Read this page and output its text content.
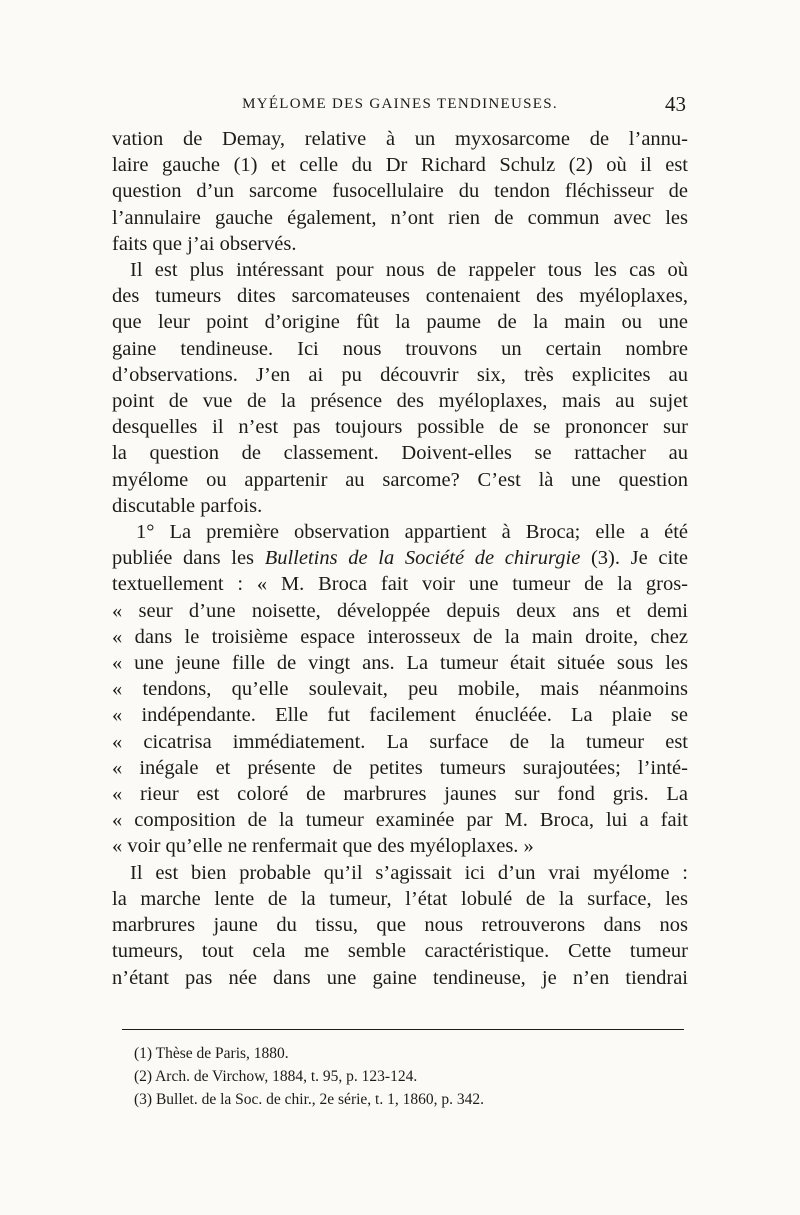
MYÉLOME DES GAINES TENDINEUSES.	43
vation de Demay, relative à un myxosarcome de l’annu-
laire gauche (1) et celle du Dr Richard Schulz (2) où il est
question d’un sarcome fusocellulaire du tendon fléchisseur de
l’annulaire gauche également, n’ont rien de commun avec les
faits que j’ai observés.
Il est plus intéressant pour nous de rappeler tous les cas où
des tumeurs dites sarcomateuses contenaient des myéloplaxes,
que leur point d’origine fût la paume de la main ou une
gaine tendineuse. Ici nous trouvons un certain nombre
d’observations. J’en ai pu découvrir six, très explicites au
point de vue de la présence des myéloplaxes, mais au sujet
desquelles il n’est pas toujours possible de se prononcer sur
la question de classement. Doivent-elles se rattacher au
myélome ou appartenir au sarcome? C’est là une question
discutable parfois.
1° La première observation appartient à Broca; elle a été
publiée dans les Bulletins de la Société de chirurgie (3). Je cite
textuellement : « M. Broca fait voir une tumeur de la gros-
« seur d’une noisette, développée depuis deux ans et demi
« dans le troisième espace interosseux de la main droite, chez
« une jeune fille de vingt ans. La tumeur était située sous les
« tendons, qu’elle soulevait, peu mobile, mais néanmoins
« indépendante. Elle fut facilement énucléée. La plaie se
« cicatrisa immédiatement. La surface de la tumeur est
« inégale et présente de petites tumeurs surajoutées; l’inté-
« rieur est coloré de marbrures jaunes sur fond gris. La
« composition de la tumeur examinée par M. Broca, lui a fait
« voir qu’elle ne renfermait que des myéloplaxes. »
Il est bien probable qu’il s’agissait ici d’un vrai myélome :
la marche lente de la tumeur, l’état lobulé de la surface, les
marbrures jaune du tissu, que nous retrouverons dans nos
tumeurs, tout cela me semble caractéristique. Cette tumeur
n’étant pas née dans une gaine tendineuse, je n’en tiendrai
(1) Thèse de Paris, 1880.
(2) Arch. de Virchow, 1884, t. 95, p. 123-124.
(3) Bullet. de la Soc. de chir., 2e série, t. 1, 1860, p. 342.
